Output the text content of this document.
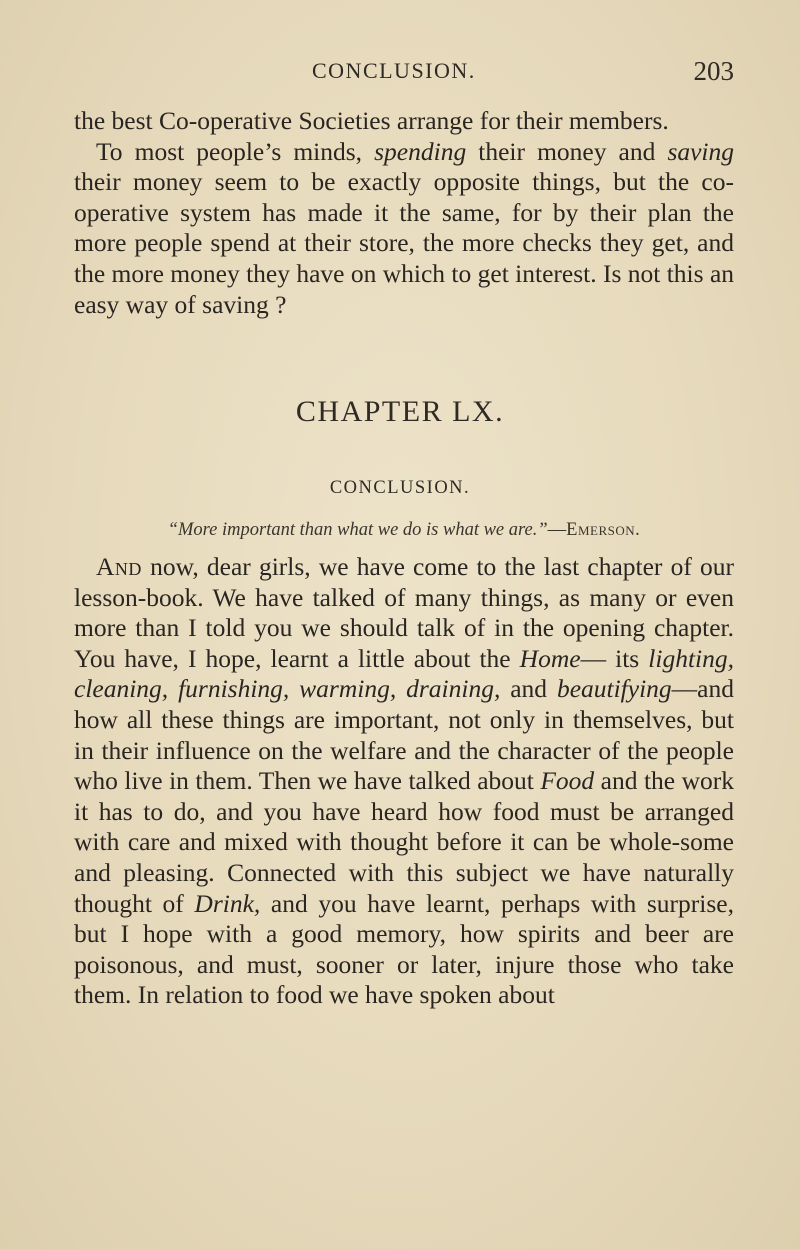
CONCLUSION.	203

the best Co-operative Societies arrange for their members.

To most people’s minds, spending their money and saving their money seem to be exactly opposite things, but the co-operative system has made it the same, for by their plan the more people spend at their store, the more checks they get, and the more money they have on which to get interest. Is not this an easy way of saving ?

CHAPTER LX.
CONCLUSION.
“More important than what we do is what we are.”—Emerson.

And now, dear girls, we have come to the last chapter of our lesson-book. We have talked of many things, as many or even more than I told you we should talk of in the opening chapter. You have, I hope, learnt a little about the Home— its lighting, cleaning, furnishing, warming, draining, and beautifying—and how all these things are important, not only in themselves, but in their influence on the welfare and the character of the people who live in them. Then we have talked about Food and the work it has to do, and you have heard how food must be arranged with care and mixed with thought before it can be whole-some and pleasing. Connected with this subject we have naturally thought of Drink, and you have learnt, perhaps with surprise, but I hope with a good memory, how spirits and beer are poisonous, and must, sooner or later, injure those who take them. In relation to food we have spoken about
